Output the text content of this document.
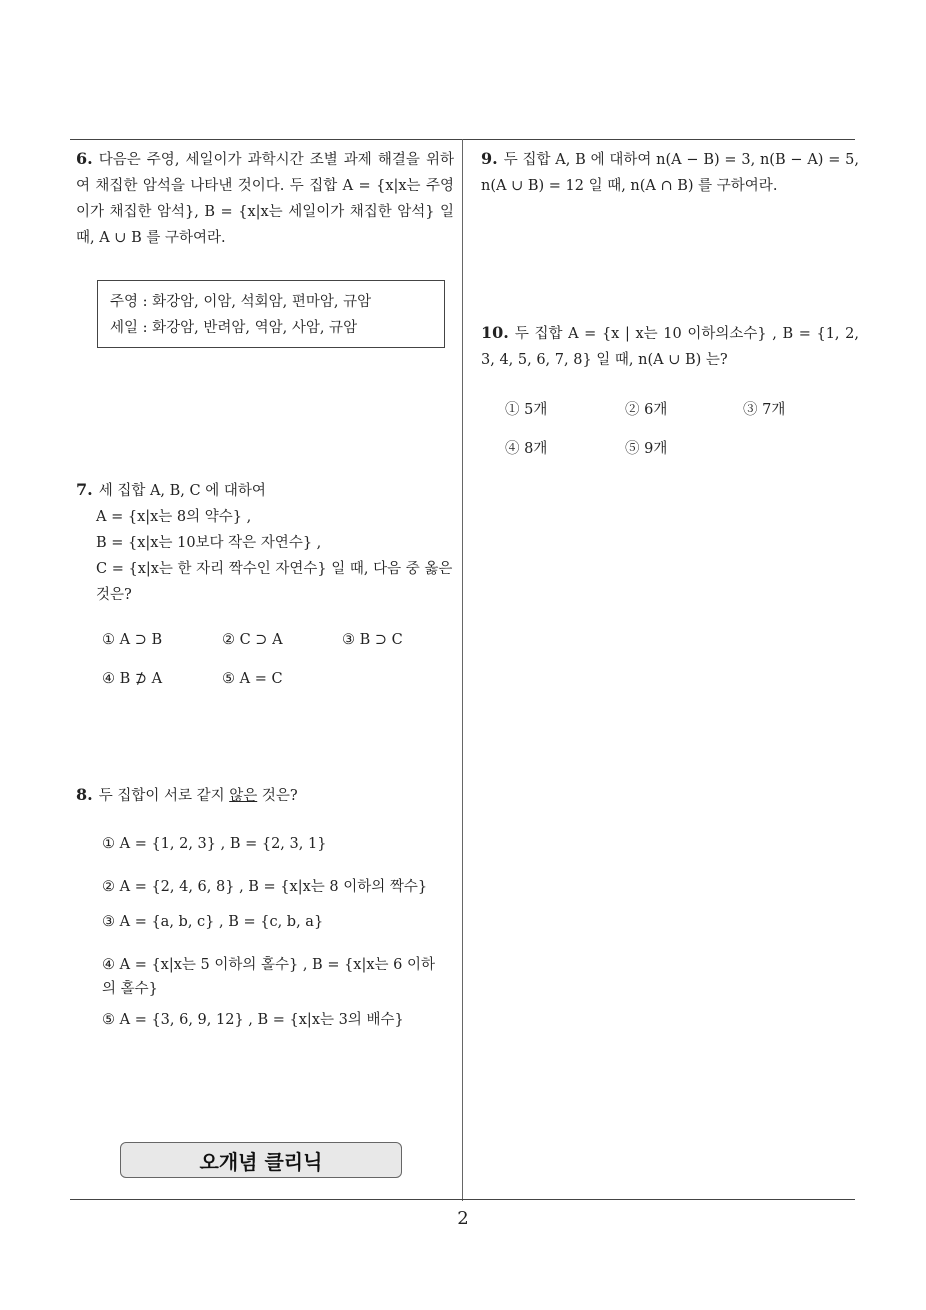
6. 다음은 주영, 세일이가 과학시간 조별 과제 해결을 위하여 채집한 암석을 나타낸 것이다. 두 집합 A = {x|x는 주영이가 채집한 암석}, B = {x|x는 세일이가 채집한 암석} 일 때, A ∪ B 를 구하여라.
주영 : 화강암, 이암, 석회암, 편마암, 규암
세일 : 화강암, 반려암, 역암, 사암, 규암
7. 세 집합 A, B, C 에 대하여
A = {x|x는 8의 약수} ,
B = {x|x는 10보다 작은 자연수} ,
C = {x|x는 한 자리 짝수인 자연수} 일 때, 다음 중 옳은 것은?
① A ⊃ B	② C ⊃ A	③ B ⊃ C
④ B ⊅ A	⑤ A = C
8. 두 집합이 서로 같지 않은 것은?
① A = {1, 2, 3} , B = {2, 3, 1}
② A = {2, 4, 6, 8} , B = {x|x는 8 이하의 짝수}
③ A = {a, b, c} , B = {c, b, a}
④ A = {x|x는 5 이하의 홀수} , B = {x|x는 6 이하의 홀수}
⑤ A = {3, 6, 9, 12} , B = {x|x는 3의 배수}
9. 두 집합 A, B 에 대하여 n(A − B) = 3, n(B − A) = 5, n(A ∪ B) = 12 일 때, n(A ∩ B) 를 구하여라.
10. 두 집합 A = {x | x는 10 이하의소수} , B = {1, 2, 3, 4, 5, 6, 7, 8} 일 때, n(A ∪ B) 는?
① 5개	② 6개	③ 7개
④ 8개	⑤ 9개
오개념 클리닉
2
